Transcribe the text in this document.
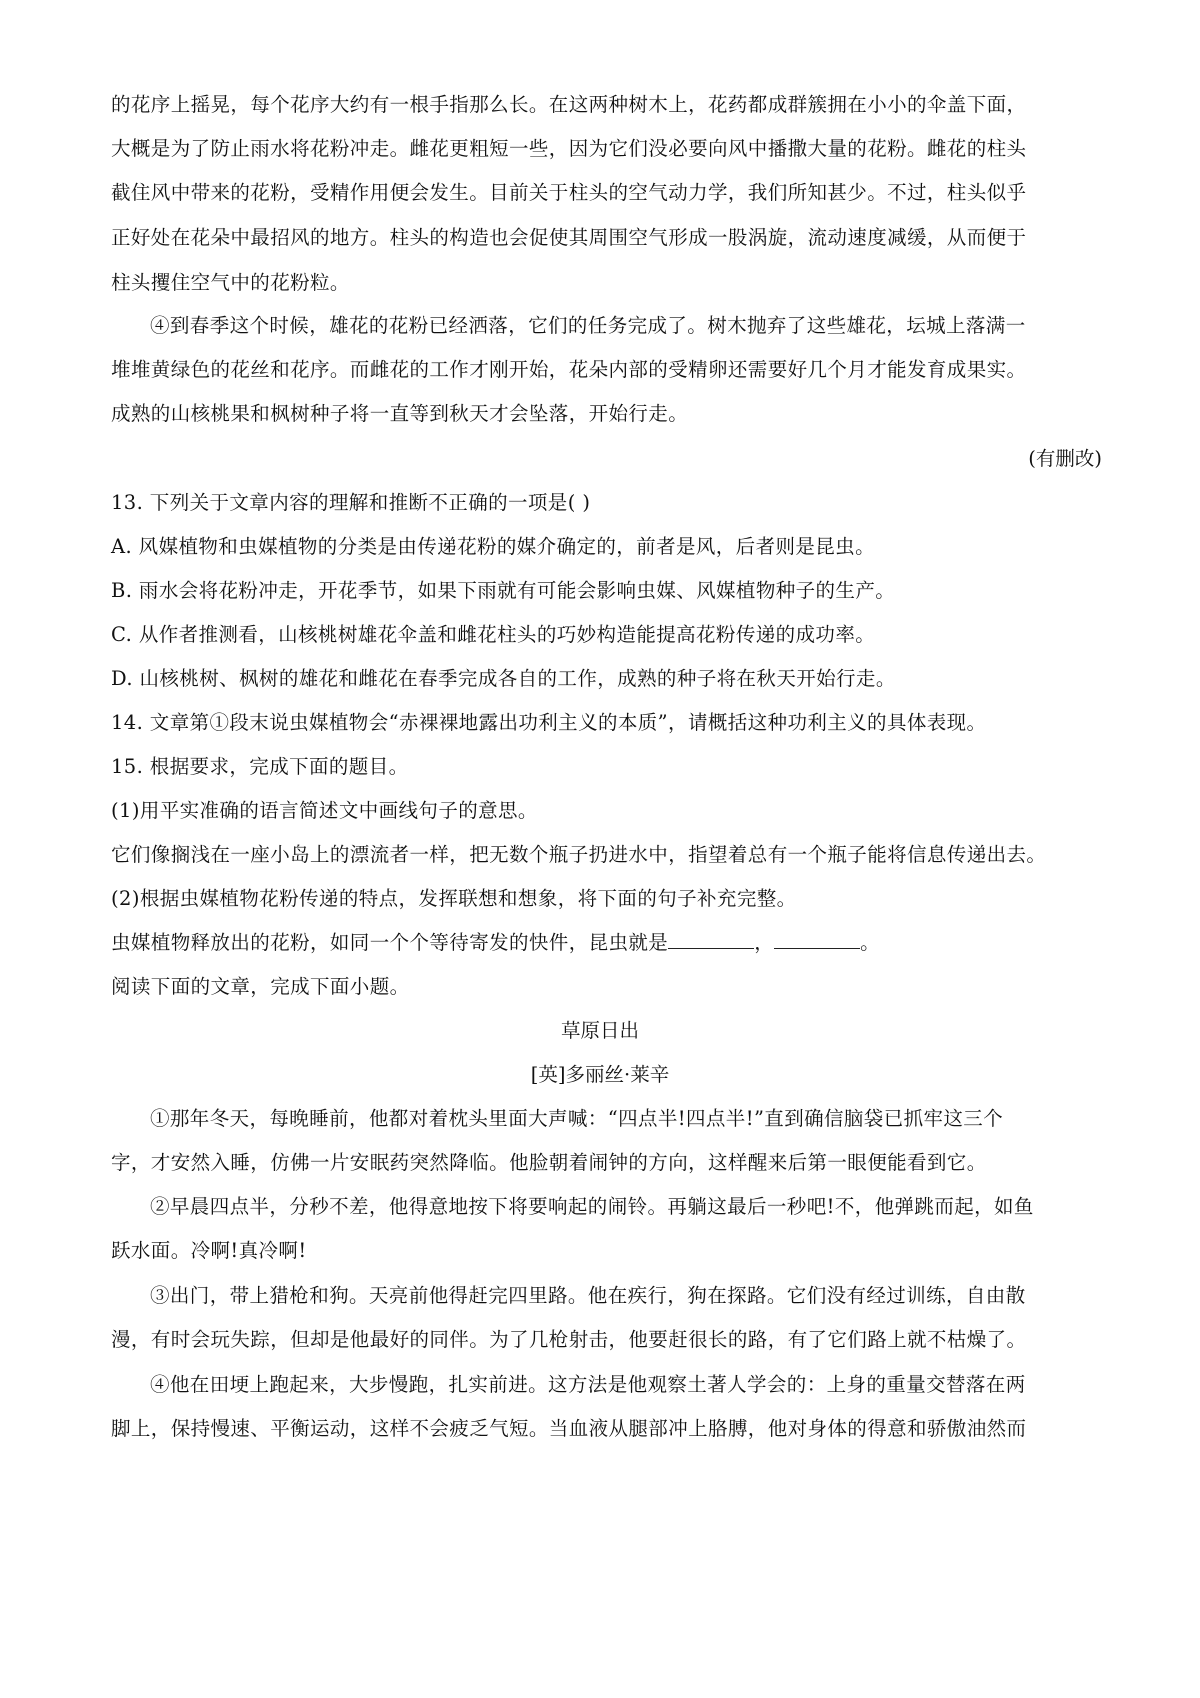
的花序上摇晃，每个花序大约有一根手指那么长。在这两种树木上，花药都成群簇拥在小小的伞盖下面，
大概是为了防止雨水将花粉冲走。雌花更粗短一些，因为它们没必要向风中播撒大量的花粉。雌花的柱头
截住风中带来的花粉，受精作用便会发生。目前关于柱头的空气动力学，我们所知甚少。不过，柱头似乎
正好处在花朵中最招风的地方。柱头的构造也会促使其周围空气形成一股涡旋，流动速度减缓，从而便于
柱头攫住空气中的花粉粒。
④到春季这个时候，雄花的花粉已经洒落，它们的任务完成了。树木抛弃了这些雄花，坛城上落满一
堆堆黄绿色的花丝和花序。而雌花的工作才刚开始，花朵内部的受精卵还需要好几个月才能发育成果实。
成熟的山核桃果和枫树种子将一直等到秋天才会坠落，开始行走。
(有删改)
13. 下列关于文章内容的理解和推断不正确的一项是( )
A. 风媒植物和虫媒植物的分类是由传递花粉的媒介确定的，前者是风，后者则是昆虫。
B. 雨水会将花粉冲走，开花季节，如果下雨就有可能会影响虫媒、风媒植物种子的生产。
C. 从作者推测看，山核桃树雄花伞盖和雌花柱头的巧妙构造能提高花粉传递的成功率。
D. 山核桃树、枫树的雄花和雌花在春季完成各自的工作，成熟的种子将在秋天开始行走。
14. 文章第①段末说虫媒植物会“赤裸裸地露出功利主义的本质”，请概括这种功利主义的具体表现。
15. 根据要求，完成下面的题目。
(1)用平实准确的语言简述文中画线句子的意思。
它们像搁浅在一座小岛上的漂流者一样，把无数个瓶子扔进水中，指望着总有一个瓶子能将信息传递出去。
(2)根据虫媒植物花粉传递的特点，发挥联想和想象，将下面的句子补充完整。
虫媒植物释放出的花粉，如同一个个等待寄发的快件，昆虫就是	，	。
阅读下面的文章，完成下面小题。
草原日出
[英]多丽丝·莱辛
①那年冬天，每晚睡前，他都对着枕头里面大声喊：“四点半!四点半!”直到确信脑袋已抓牢这三个
字，才安然入睡，仿佛一片安眠药突然降临。他脸朝着闹钟的方向，这样醒来后第一眼便能看到它。
②早晨四点半，分秒不差，他得意地按下将要响起的闹铃。再躺这最后一秒吧!不，他弹跳而起，如鱼
跃水面。冷啊!真冷啊!
③出门，带上猎枪和狗。天亮前他得赶完四里路。他在疾行，狗在探路。它们没有经过训练，自由散
漫，有时会玩失踪，但却是他最好的同伴。为了几枪射击，他要赶很长的路，有了它们路上就不枯燥了。
④他在田埂上跑起来，大步慢跑，扎实前进。这方法是他观察土著人学会的：上身的重量交替落在两
脚上，保持慢速、平衡运动，这样不会疲乏气短。当血液从腿部冲上胳膊，他对身体的得意和骄傲油然而
